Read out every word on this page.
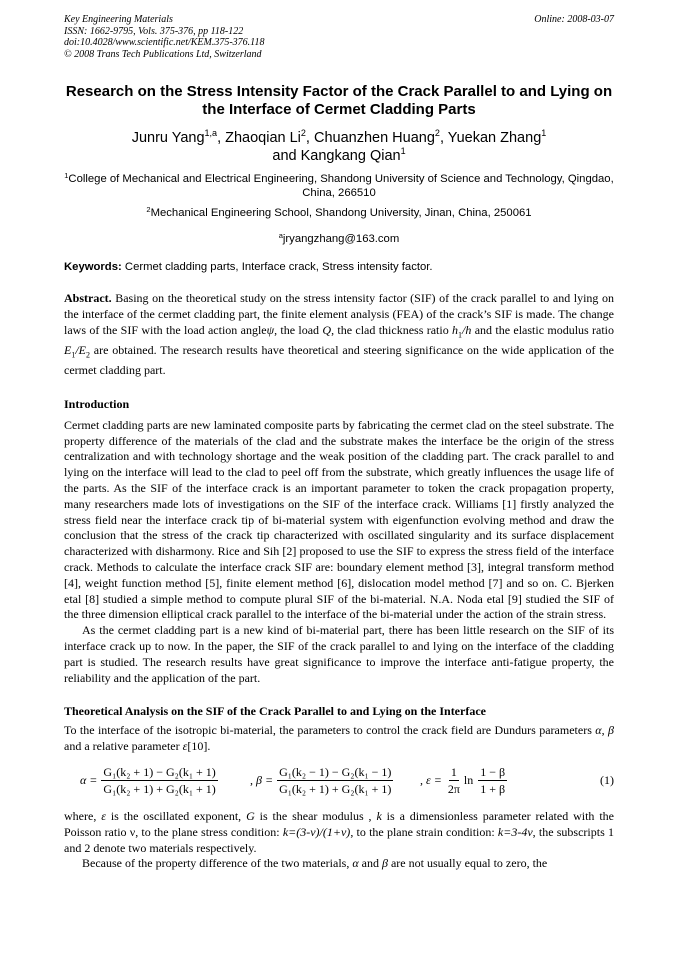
Key Engineering Materials
ISSN: 1662-9795, Vols. 375-376, pp 118-122
doi:10.4028/www.scientific.net/KEM.375-376.118
© 2008 Trans Tech Publications Ltd, Switzerland
Online: 2008-03-07
Research on the Stress Intensity Factor of the Crack Parallel to and Lying on the Interface of Cermet Cladding Parts
Junru Yang$^{1,a}$, Zhaoqian Li$^2$, Chuanzhen Huang$^2$, Yuekan Zhang$^1$
and Kangkang Qian$^1$
$^1$College of Mechanical and Electrical Engineering, Shandong University of Science and Technology, Qingdao, China, 266510
$^2$Mechanical Engineering School, Shandong University, Jinan, China, 250061
$^a$jryangzhang@163.com
Keywords: Cermet cladding parts, Interface crack, Stress intensity factor.

Abstract. Basing on the theoretical study on the stress intensity factor (SIF) of the crack parallel to and lying on the interface of the cermet cladding part, the finite element analysis (FEA) of the crack’s SIF is made. The change laws of the SIF with the load action angleψ, the load Q, the clad thickness ratio $h_1/h$ and the elastic modulus ratio $E_1/E_2$ are obtained. The research results have theoretical and steering significance on the wide application of the cermet cladding part.

Introduction

Cermet cladding parts are new laminated composite parts by fabricating the cermet clad on the steel substrate. The property difference of the materials of the clad and the substrate makes the interface be the origin of the stress centralization and with technology shortage and the weak position of the cladding part. The crack parallel to and lying on the interface will lead to the clad to peel off from the substrate, which greatly influences the usage life of the parts. As the SIF of the interface crack is an important parameter to token the crack propagation property, many researchers made lots of investigations on the SIF of the interface crack. Williams [1] firstly analyzed the stress field near the interface crack tip of bi-material system with eigenfunction evolving method and draw the conclusion that the stress of the crack tip characterized with oscillated singularity and its surface displacement characterized with disharmony. Rice and Sih [2] proposed to use the SIF to express the stress field of the interface crack. Methods to calculate the interface crack SIF are: boundary element method [3], integral transform method [4], weight function method [5], finite element method [6], dislocation model method [7] and so on. C. Bjerken etal [8] studied a simple method to compute plural SIF of the bi-material. N.A. Noda etal [9] studied the SIF of the three dimension elliptical crack parallel to the interface of the bi-material under the action of the strain stress.

As the cermet cladding part is a new kind of bi-material part, there has been little research on the SIF of its interface crack up to now. In the paper, the SIF of the crack parallel to and lying on the interface of the cladding part is studied. The research results have great significance to improve the interface anti-fatigue property, the reliability and the application of the part.

Theoretical Analysis on the SIF of the Crack Parallel to and Lying on the Interface

To the interface of the isotropic bi-material, the parameters to control the crack field are Dundurs parameters α, β and a relative parameter ε[10].

$\alpha = \frac{\text{G₁(k₂ + 1) − G₂(k₁ + 1)}}{\text{G₁(k₂ + 1) + G₂(k₁ + 1)}}$	, $\beta = \frac{\text{G₁(k₂ − 1) − G₂(k₁ − 1)}}{\text{G₁(k₂ + 1) + G₂(k₁ + 1)}}$ , $\varepsilon = \frac{1}{2\pi}$ $\ln \frac{1 - \beta}{1 + \beta}$	(1)

where, ε is the oscillated exponent, G is the shear modulus , k is a dimensionless parameter related with the Poisson ratio ν, to the plane stress condition: k=(3-ν)/(1+ν), to the plane strain condition: k=3-4ν, the subscripts 1 and 2 denote two materials respectively.

Because of the property difference of the two materials, α and β are not usually equal to zero, the
